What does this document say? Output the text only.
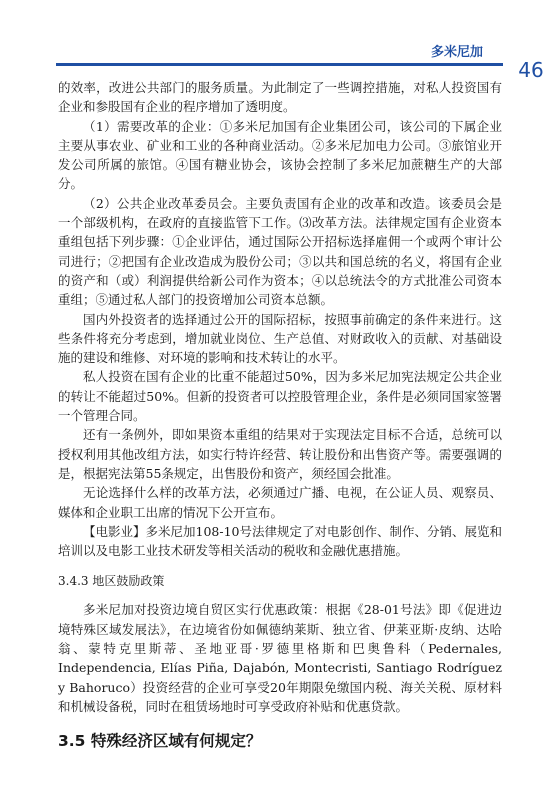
多米尼加
46

的效率，改进公共部门的服务质量。为此制定了一些调控措施，对私人投资国有企业和参股国有企业的程序增加了透明度。

（1）需要改革的企业：①多米尼加国有企业集团公司，该公司的下属企业主要从事农业、矿业和工业的各种商业活动。②多米尼加电力公司。③旅馆业开发公司所属的旅馆。④国有糖业协会，该协会控制了多米尼加蔗糖生产的大部分。

（2）公共企业改革委员会。主要负责国有企业的改革和改造。该委员会是一个部级机构，在政府的直接监管下工作。⑶改革方法。法律规定国有企业资本重组包括下列步骤：①企业评估，通过国际公开招标选择雇佣一个或两个审计公司进行；②把国有企业改造成为股份公司；③以共和国总统的名义，将国有企业的资产和（或）利润提供给新公司作为资本；④以总统法令的方式批准公司资本重组；⑤通过私人部门的投资增加公司资本总额。

国内外投资者的选择通过公开的国际招标，按照事前确定的条件来进行。这些条件将充分考虑到，增加就业岗位、生产总值、对财政收入的贡献、对基础设施的建设和维修、对环境的影响和技术转让的水平。

私人投资在国有企业的比重不能超过50%，因为多米尼加宪法规定公共企业的转让不能超过50%。但新的投资者可以控股管理企业，条件是必须同国家签署一个管理合同。

还有一条例外，即如果资本重组的结果对于实现法定目标不合适，总统可以授权利用其他改组方法，如实行特许经营、转让股份和出售资产等。需要强调的是，根据宪法第55条规定，出售股份和资产，须经国会批准。

无论选择什么样的改革方法，必须通过广播、电视，在公证人员、观察员、媒体和企业职工出席的情况下公开宣布。

【电影业】多米尼加108-10号法律规定了对电影创作、制作、分销、展览和培训以及电影工业技术研发等相关活动的税收和金融优惠措施。

3.4.3 地区鼓励政策

多米尼加对投资边境自贸区实行优惠政策：根据《28-01号法》即《促进边境特殊区域发展法》，在边境省份如佩德纳莱斯、独立省、伊莱亚斯·皮纳、达哈翁、蒙特克里斯蒂、圣地亚哥·罗德里格斯和巴奥鲁科（Pedernales, Independencia, Elías Piña, Dajabón, Montecristi, Santiago Rodríguez y Bahoruco）投资经营的企业可享受20年期限免缴国内税、海关关税、原材料和机械设备税，同时在租赁场地时可享受政府补贴和优惠贷款。

3.5 特殊经济区域有何规定？
